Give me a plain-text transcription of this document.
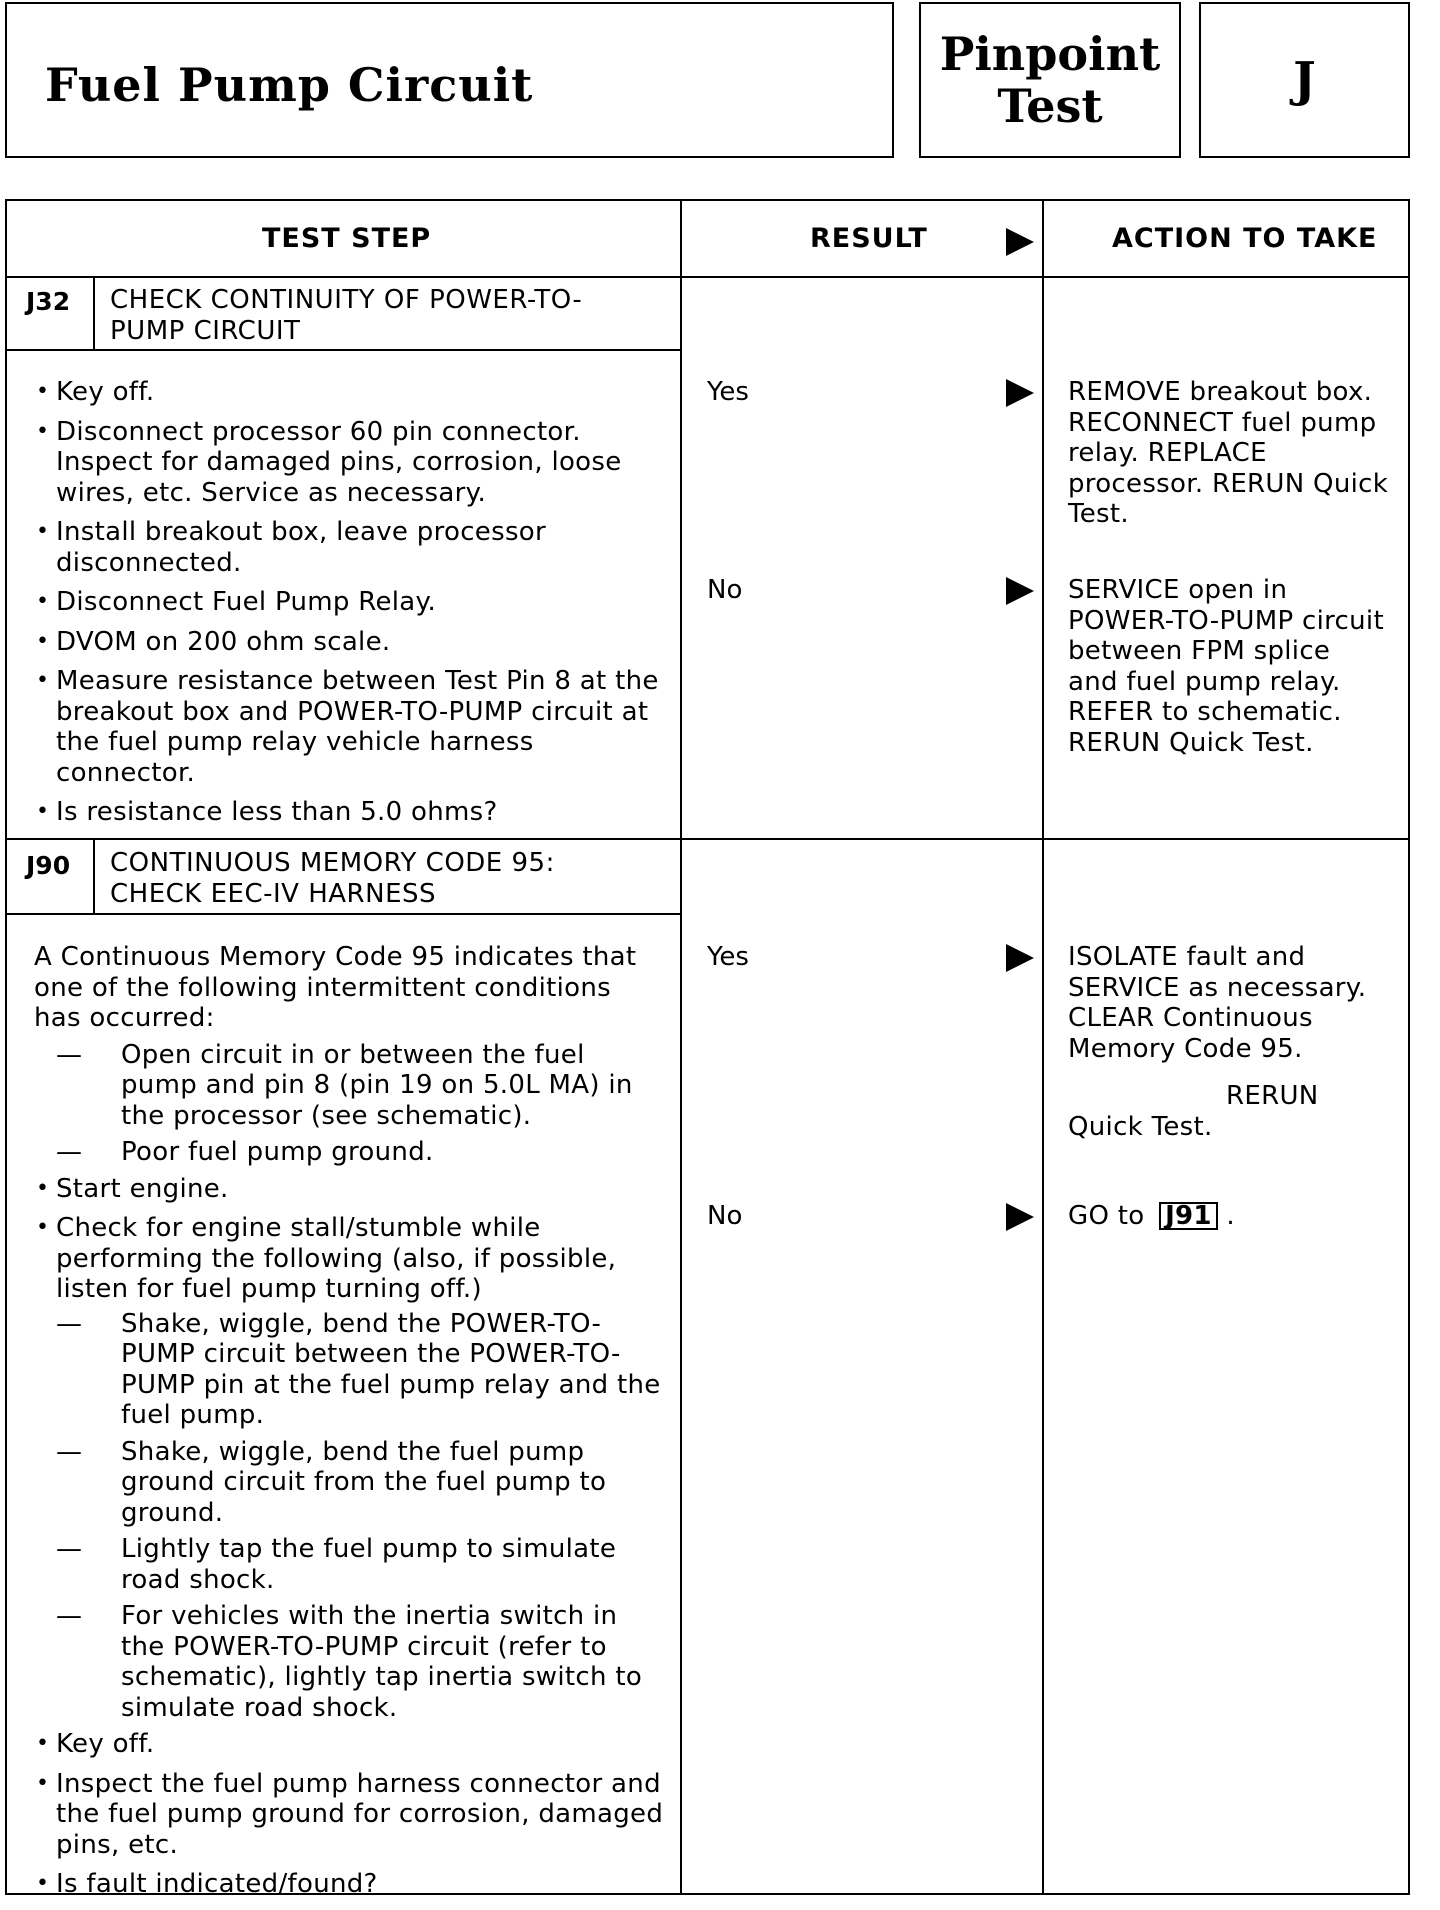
Fuel Pump Circuit
Pinpoint
Test	J
TEST STEP	RESULT	ACTION TO TAKE
J32 CHECK CONTINUITY OF POWER-TO-
PUMP CIRCUIT

• Key off.

• Disconnect processor 60 pin connector. Inspect for damaged pins, corrosion, loose wires, etc. Service as necessary.

• Install breakout box, leave processor disconnected.

• Disconnect Fuel Pump Relay.

• DVOM on 200 ohm scale.

• Measure resistance between Test Pin 8 at the breakout box and POWER-TO-PUMP circuit at the fuel pump relay vehicle harness connector.

• Is resistance less than 5.0 ohms?

Yes	REMOVE breakout box. RECONNECT fuel pump relay. REPLACE processor. RERUN Quick Test.
No	SERVICE open in POWER-TO-PUMP circuit between FPM splice and fuel pump relay. REFER to schematic. RERUN Quick Test.
J90 CONTINUOUS MEMORY CODE 95:
CHECK EEC-IV HARNESS

A Continuous Memory Code 95 indicates that one of the following intermittent conditions has occurred:

— Open circuit in or between the fuel pump and pin 8 (pin 19 on 5.0L MA) in the processor (see schematic).

— Poor fuel pump ground.

• Start engine.

• Check for engine stall/stumble while performing the following (also, if possible, listen for fuel pump turning off.)

— Shake, wiggle, bend the POWER-TO-PUMP circuit between the POWER-TO-PUMP pin at the fuel pump relay and the fuel pump.

— Shake, wiggle, bend the fuel pump ground circuit from the fuel pump to ground.

— Lightly tap the fuel pump to simulate road shock.

— For vehicles with the inertia switch in the POWER-TO-PUMP circuit (refer to schematic), lightly tap inertia switch to simulate road shock.

• Key off.

• Inspect the fuel pump harness connector and the fuel pump ground for corrosion, damaged pins, etc.

• Is fault indicated/found?

Yes	ISOLATE fault and SERVICE as necessary. CLEAR Continuous Memory Code 95.
RERUN
Quick Test.
No	GO to J91 .
